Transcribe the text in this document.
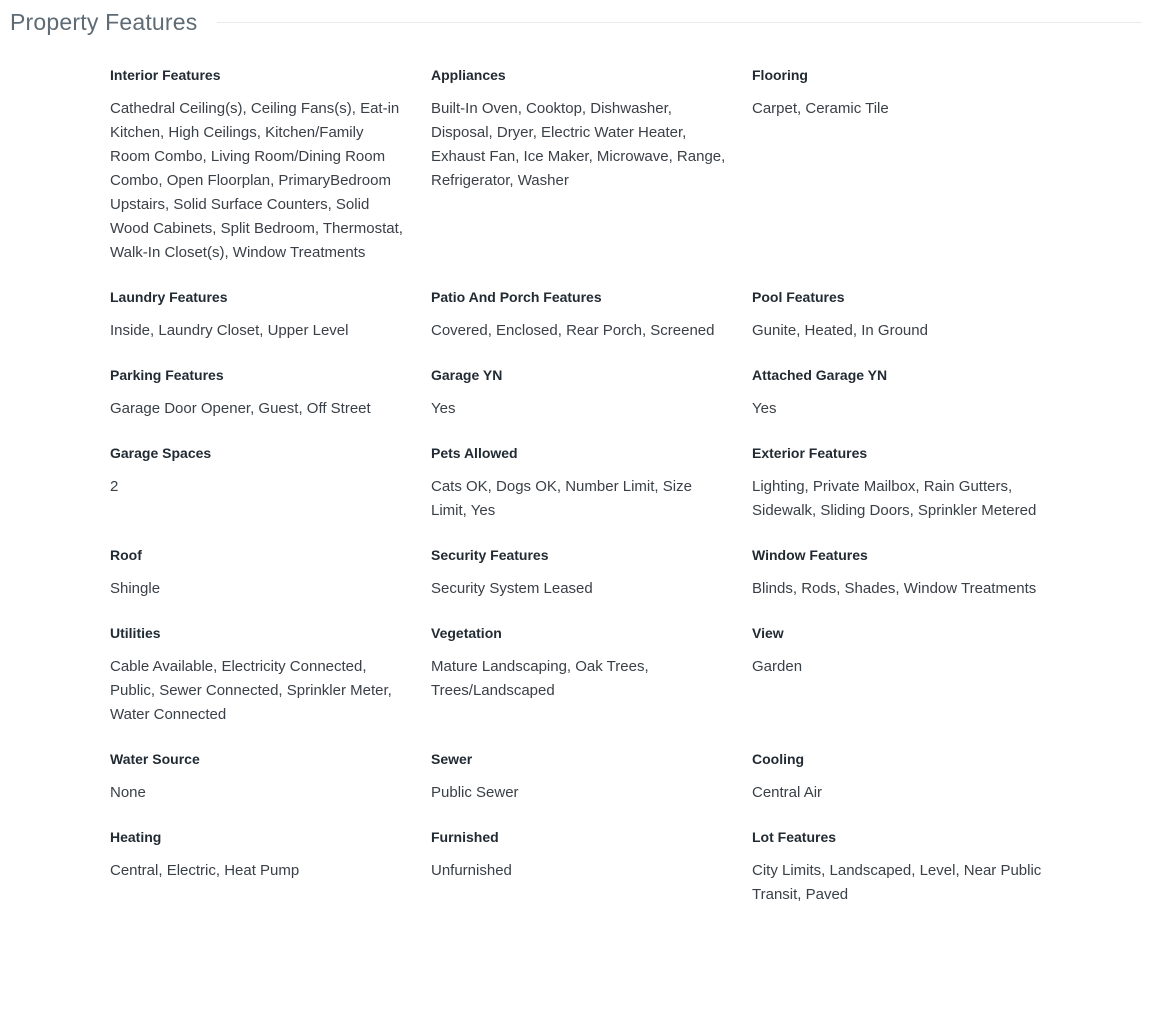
Property Features
Interior Features
Cathedral Ceiling(s), Ceiling Fans(s), Eat-in Kitchen, High Ceilings, Kitchen/Family Room Combo, Living Room/Dining Room Combo, Open Floorplan, PrimaryBedroom Upstairs, Solid Surface Counters, Solid Wood Cabinets, Split Bedroom, Thermostat, Walk-In Closet(s), Window Treatments
Appliances
Built-In Oven, Cooktop, Dishwasher, Disposal, Dryer, Electric Water Heater, Exhaust Fan, Ice Maker, Microwave, Range, Refrigerator, Washer
Flooring
Carpet, Ceramic Tile
Laundry Features
Inside, Laundry Closet, Upper Level
Patio And Porch Features
Covered, Enclosed, Rear Porch, Screened
Pool Features
Gunite, Heated, In Ground
Parking Features
Garage Door Opener, Guest, Off Street
Garage YN
Yes
Attached Garage YN
Yes
Garage Spaces
2
Pets Allowed
Cats OK, Dogs OK, Number Limit, Size Limit, Yes
Exterior Features
Lighting, Private Mailbox, Rain Gutters, Sidewalk, Sliding Doors, Sprinkler Metered
Roof
Shingle
Security Features
Security System Leased
Window Features
Blinds, Rods, Shades, Window Treatments
Utilities
Cable Available, Electricity Connected, Public, Sewer Connected, Sprinkler Meter, Water Connected
Vegetation
Mature Landscaping, Oak Trees, Trees/Landscaped
View
Garden
Water Source
None
Sewer
Public Sewer
Cooling
Central Air
Heating
Central, Electric, Heat Pump
Furnished
Unfurnished
Lot Features
City Limits, Landscaped, Level, Near Public Transit, Paved
